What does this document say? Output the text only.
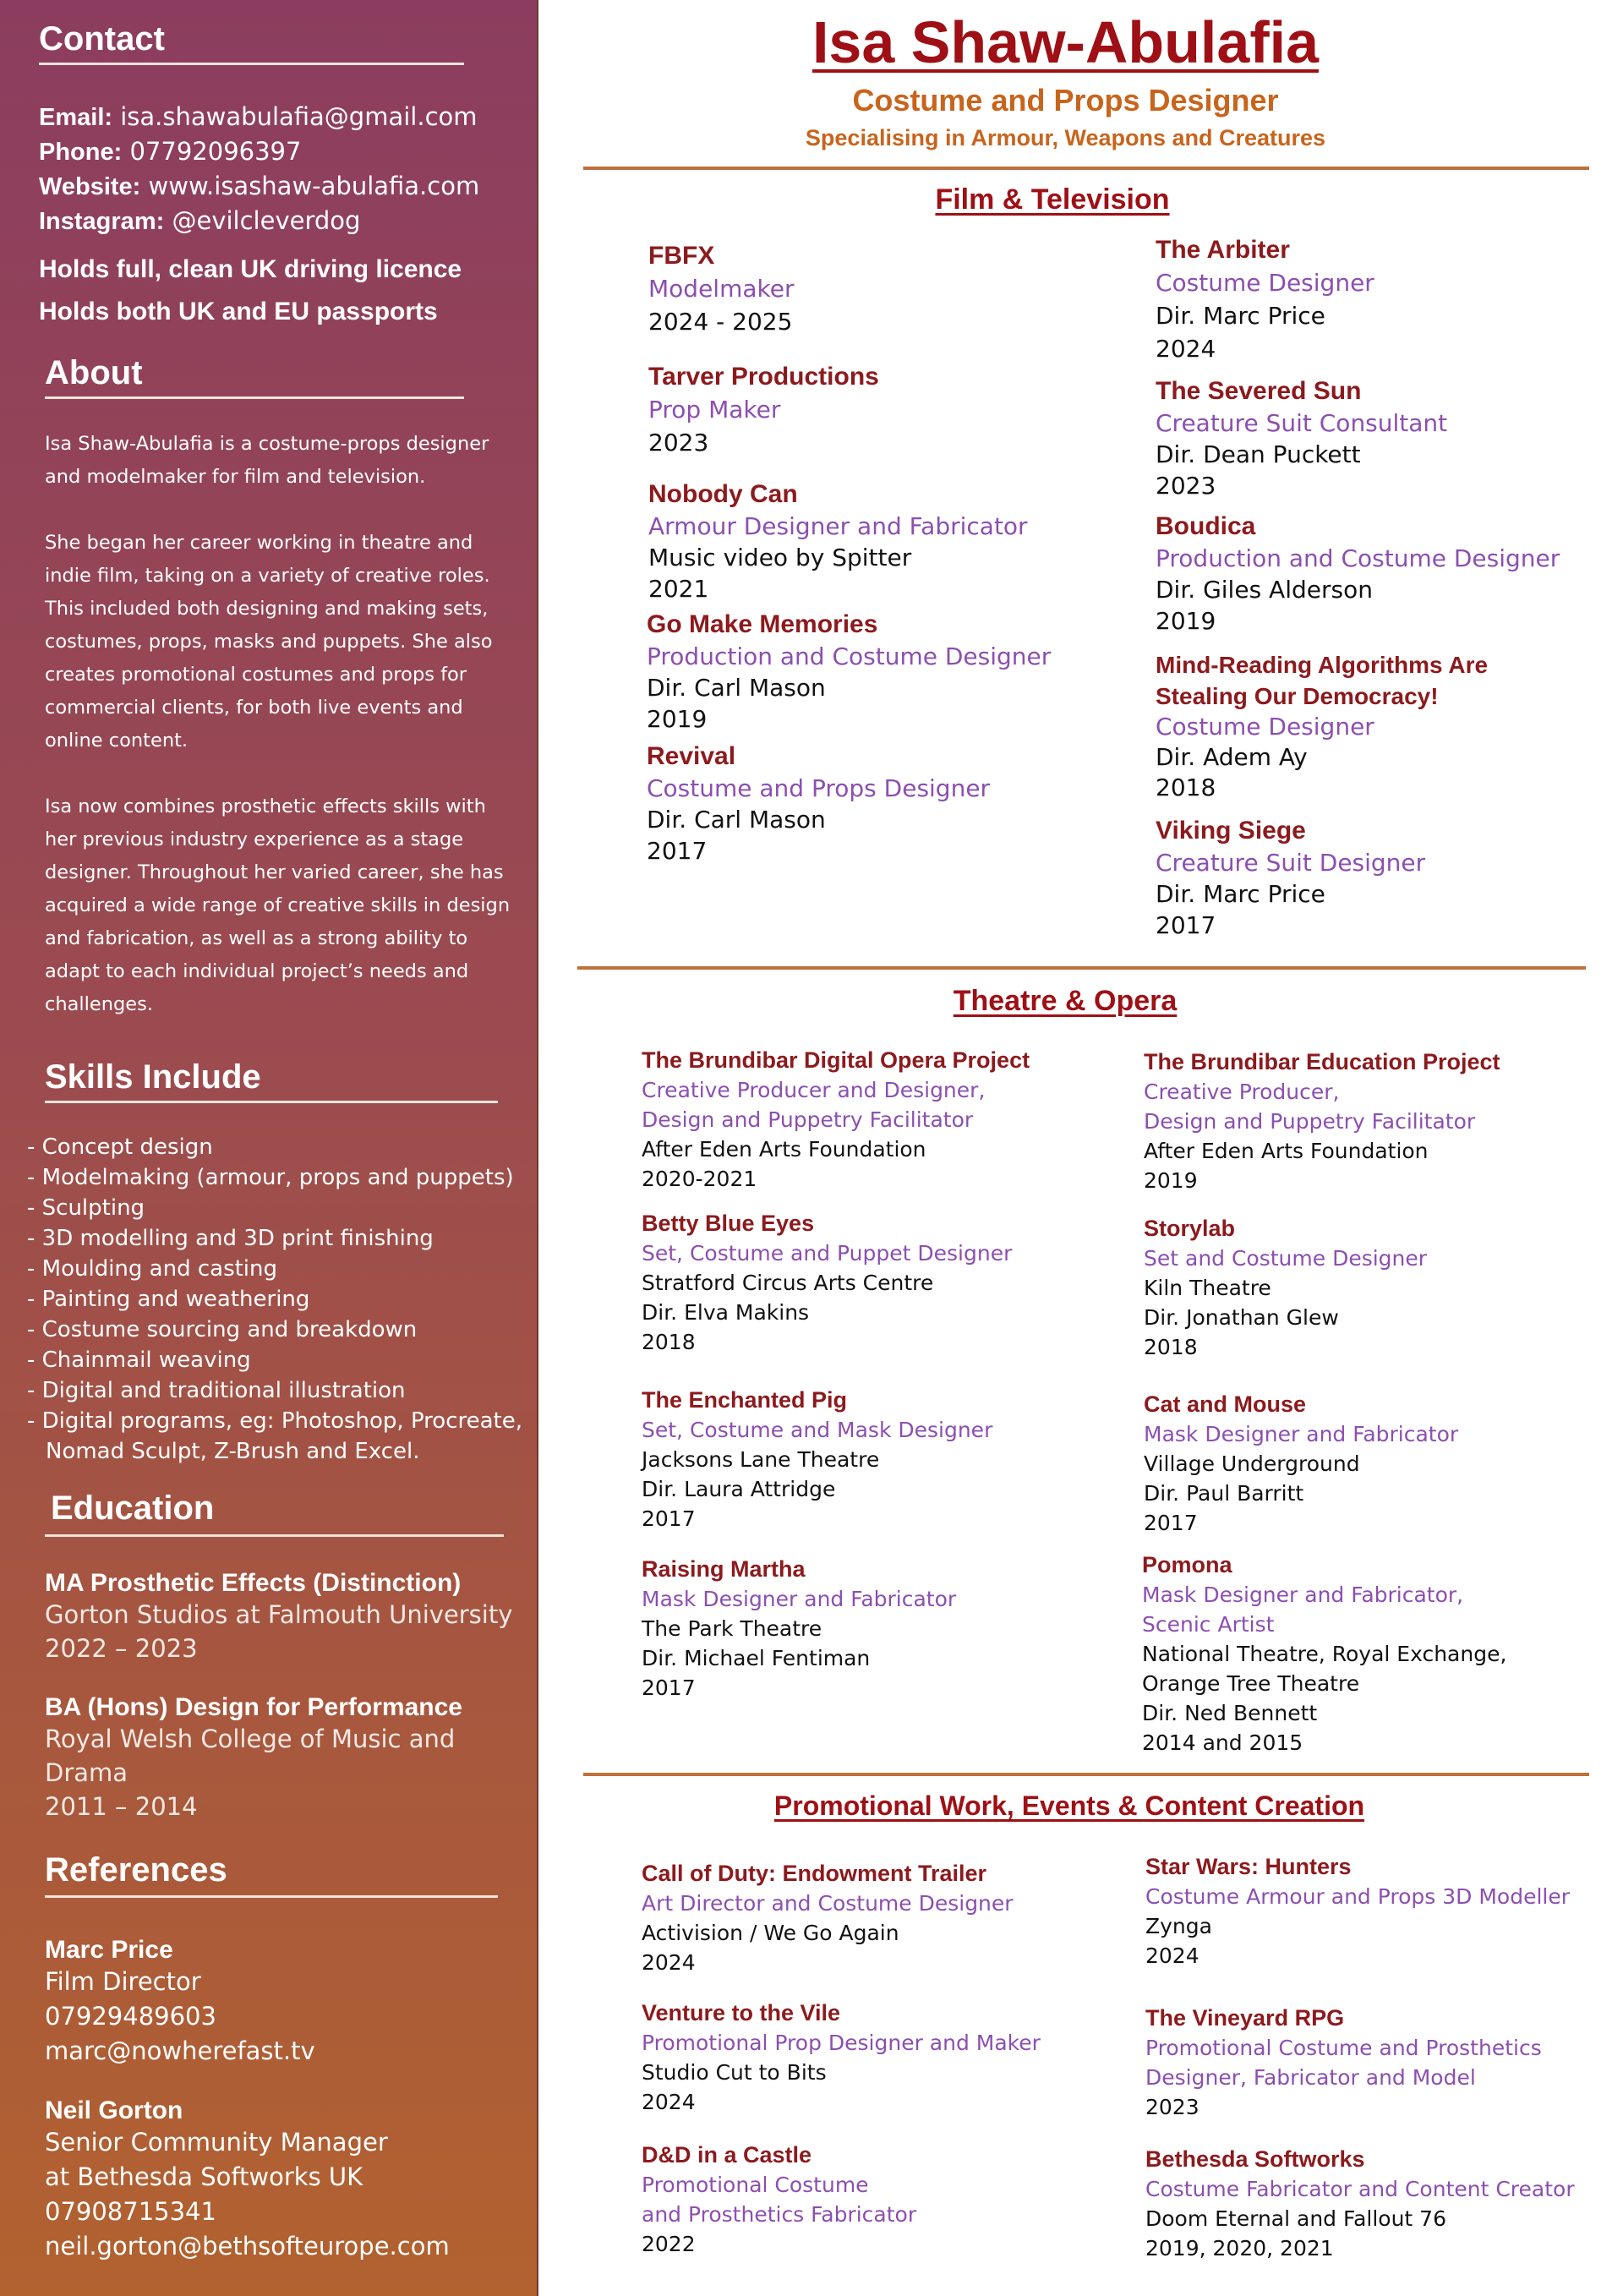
Contact
Email: isa.shawabulafia@gmail.com
Phone: 07792096397
Website: www.isashaw-abulafia.com
Instagram: @evilcleverdog
Holds full, clean UK driving licence
Holds both UK and EU passports
About

Isa Shaw-Abulafia is a costume-props designer and modelmaker for film and television.

She began her career working in theatre and indie film, taking on a variety of creative roles. This included both designing and making sets, costumes, props, masks and puppets. She also creates promotional costumes and props for commercial clients, for both live events and online content.

Isa now combines prosthetic effects skills with her previous industry experience as a stage designer. Throughout her varied career, she has acquired a wide range of creative skills in design and fabrication, as well as a strong ability to adapt to each individual project’s needs and challenges.

Skills Include
- Concept design
- Modelmaking (armour, props and puppets)
- Sculpting
- 3D modelling and 3D print finishing
- Moulding and casting
- Painting and weathering
- Costume sourcing and breakdown
- Chainmail weaving
- Digital and traditional illustration
- Digital programs, eg: Photoshop, Procreate, Nomad Sculpt, Z-Brush and Excel.
Education
MA Prosthetic Effects (Distinction)
Gorton Studios at Falmouth University
2022 – 2023
BA (Hons) Design for Performance
Royal Welsh College of Music and
Drama
2011 – 2014
References
Marc Price
Film Director
07929489603
marc@nowherefast.tv
Neil Gorton
Senior Community Manager
at Bethesda Softworks UK
07908715341
neil.gorton@bethsofteurope.com
Isa Shaw-Abulafia
Costume and Props Designer
Specialising in Armour, Weapons and Creatures
Film & Television
FBFX
Modelmaker
2024 - 2025
Tarver Productions
Prop Maker
2023
Nobody Can
Armour Designer and Fabricator
Music video by Spitter
2021
Go Make Memories
Production and Costume Designer
Dir. Carl Mason
2019
Revival
Costume and Props Designer
Dir. Carl Mason
2017
The Arbiter
Costume Designer
Dir. Marc Price
2024
The Severed Sun
Creature Suit Consultant
Dir. Dean Puckett
2023
Boudica
Production and Costume Designer
Dir. Giles Alderson
2019
Mind-Reading Algorithms Are Stealing Our Democracy!
Costume Designer
Dir. Adem Ay
2018
Viking Siege
Creature Suit Designer
Dir. Marc Price
2017
Theatre & Opera
The Brundibar Digital Opera Project
Creative Producer and Designer,
Design and Puppetry Facilitator
After Eden Arts Foundation
2020-2021
Betty Blue Eyes
Set, Costume and Puppet Designer
Stratford Circus Arts Centre
Dir. Elva Makins
2018
The Enchanted Pig
Set, Costume and Mask Designer
Jacksons Lane Theatre
Dir. Laura Attridge
2017
Raising Martha
Mask Designer and Fabricator
The Park Theatre
Dir. Michael Fentiman
2017
The Brundibar Education Project
Creative Producer,
Design and Puppetry Facilitator
After Eden Arts Foundation
2019
Storylab
Set and Costume Designer
Kiln Theatre
Dir. Jonathan Glew
2018
Cat and Mouse
Mask Designer and Fabricator
Village Underground
Dir. Paul Barritt
2017
Pomona
Mask Designer and Fabricator,
Scenic Artist
National Theatre, Royal Exchange,
Orange Tree Theatre
Dir. Ned Bennett
2014 and 2015
Promotional Work, Events & Content Creation
Call of Duty: Endowment Trailer
Art Director and Costume Designer
Activision / We Go Again
2024
Venture to the Vile
Promotional Prop Designer and Maker
Studio Cut to Bits
2024
D&D in a Castle
Promotional Costume
and Prosthetics Fabricator
2022
Star Wars: Hunters
Costume Armour and Props 3D Modeller
Zynga
2024
The Vineyard RPG
Promotional Costume and Prosthetics
Designer, Fabricator and Model
2023
Bethesda Softworks
Costume Fabricator and Content Creator
Doom Eternal and Fallout 76
2019, 2020, 2021
